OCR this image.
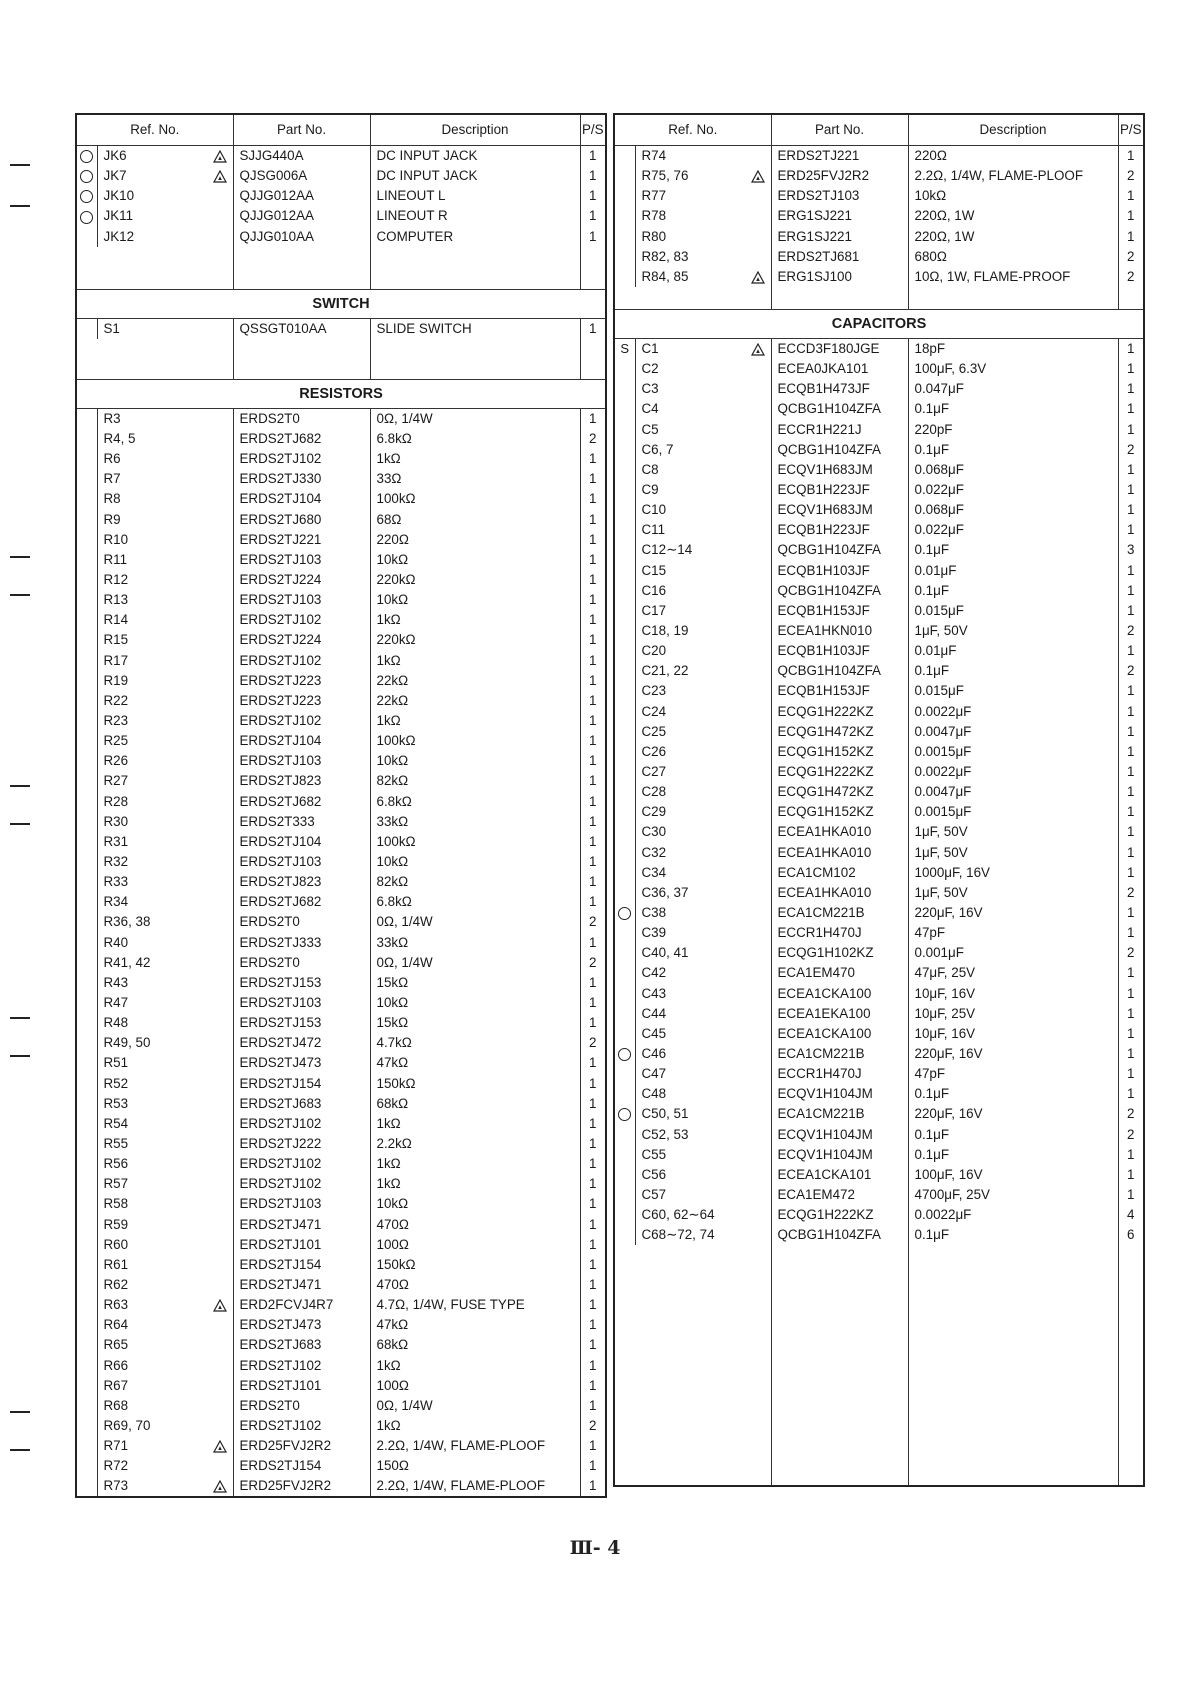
Ref. No.		Part No.	Description	P/S
	JK6	SJJG440A	DC INPUT JACK	1
	JK7	QJSG006A	DC INPUT JACK	1
	JK10	QJJG012AA	LINEOUT L	1
	JK11	QJJG012AA	LINEOUT R	1
	JK12	QJJG010AA	COMPUTER	1

SWITCH				
	S1	QSSGT010AA	SLIDE SWITCH	1

RESISTORS				
	R3	ERDS2T0	0Ω, 1/4W	1
	R4, 5	ERDS2TJ682	6.8kΩ	2
	R6	ERDS2TJ102	1kΩ	1
	R7	ERDS2TJ330	33Ω	1
	R8	ERDS2TJ104	100kΩ	1
	R9	ERDS2TJ680	68Ω	1
	R10	ERDS2TJ221	220Ω	1
	R11	ERDS2TJ103	10kΩ	1
	R12	ERDS2TJ224	220kΩ	1
	R13	ERDS2TJ103	10kΩ	1
	R14	ERDS2TJ102	1kΩ	1
	R15	ERDS2TJ224	220kΩ	1
	R17	ERDS2TJ102	1kΩ	1
	R19	ERDS2TJ223	22kΩ	1
	R22	ERDS2TJ223	22kΩ	1
	R23	ERDS2TJ102	1kΩ	1
	R25	ERDS2TJ104	100kΩ	1
	R26	ERDS2TJ103	10kΩ	1
	R27	ERDS2TJ823	82kΩ	1
	R28	ERDS2TJ682	6.8kΩ	1
	R30	ERDS2T333	33kΩ	1
	R31	ERDS2TJ104	100kΩ	1
	R32	ERDS2TJ103	10kΩ	1
	R33	ERDS2TJ823	82kΩ	1
	R34	ERDS2TJ682	6.8kΩ	1
	R36, 38	ERDS2T0	0Ω, 1/4W	2
	R40	ERDS2TJ333	33kΩ	1
	R41, 42	ERDS2T0	0Ω, 1/4W	2
	R43	ERDS2TJ153	15kΩ	1
	R47	ERDS2TJ103	10kΩ	1
	R48	ERDS2TJ153	15kΩ	1
	R49, 50	ERDS2TJ472	4.7kΩ	2
	R51	ERDS2TJ473	47kΩ	1
	R52	ERDS2TJ154	150kΩ	1
	R53	ERDS2TJ683	68kΩ	1
	R54	ERDS2TJ102	1kΩ	1
	R55	ERDS2TJ222	2.2kΩ	1
	R56	ERDS2TJ102	1kΩ	1
	R57	ERDS2TJ102	1kΩ	1
	R58	ERDS2TJ103	10kΩ	1
	R59	ERDS2TJ471	470Ω	1
	R60	ERDS2TJ101	100Ω	1
	R61	ERDS2TJ154	150kΩ	1
	R62	ERDS2TJ471	470Ω	1
	R63	ERD2FCVJ4R7	4.7Ω, 1/4W, FUSE TYPE	1
	R64	ERDS2TJ473	47kΩ	1
	R65	ERDS2TJ683	68kΩ	1
	R66	ERDS2TJ102	1kΩ	1
	R67	ERDS2TJ101	100Ω	1
	R68	ERDS2T0	0Ω, 1/4W	1
	R69, 70	ERDS2TJ102	1kΩ	2
	R71	ERD25FVJ2R2	2.2Ω, 1/4W, FLAME-PLOOF	1
	R72	ERDS2TJ154	150Ω	1
	R73	ERD25FVJ2R2	2.2Ω, 1/4W, FLAME-PLOOF	1
Ref. No.		Part No.	Description	P/S
	R74	ERDS2TJ221	220Ω	1
	R75, 76	ERD25FVJ2R2	2.2Ω, 1/4W, FLAME-PLOOF	2
	R77	ERDS2TJ103	10kΩ	1
	R78	ERG1SJ221	220Ω, 1W	1
	R80	ERG1SJ221	220Ω, 1W	1
	R82, 83	ERDS2TJ681	680Ω	2
	R84, 85	ERG1SJ100	10Ω, 1W, FLAME-PROOF	2

CAPACITORS				
S	C1	ECCD3F180JGE	18pF	1
	C2	ECEA0JKA101	100μF, 6.3V	1
	C3	ECQB1H473JF	0.047μF	1
	C4	QCBG1H104ZFA	0.1μF	1
	C5	ECCR1H221J	220pF	1
	C6, 7	QCBG1H104ZFA	0.1μF	2
	C8	ECQV1H683JM	0.068μF	1
	C9	ECQB1H223JF	0.022μF	1
	C10	ECQV1H683JM	0.068μF	1
	C11	ECQB1H223JF	0.022μF	1
	C12∼14	QCBG1H104ZFA	0.1μF	3
	C15	ECQB1H103JF	0.01μF	1
	C16	QCBG1H104ZFA	0.1μF	1
	C17	ECQB1H153JF	0.015μF	1
	C18, 19	ECEA1HKN010	1μF, 50V	2
	C20	ECQB1H103JF	0.01μF	1
	C21, 22	QCBG1H104ZFA	0.1μF	2
	C23	ECQB1H153JF	0.015μF	1
	C24	ECQG1H222KZ	0.0022μF	1
	C25	ECQG1H472KZ	0.0047μF	1
	C26	ECQG1H152KZ	0.0015μF	1
	C27	ECQG1H222KZ	0.0022μF	1
	C28	ECQG1H472KZ	0.0047μF	1
	C29	ECQG1H152KZ	0.0015μF	1
	C30	ECEA1HKA010	1μF, 50V	1
	C32	ECEA1HKA010	1μF, 50V	1
	C34	ECA1CM102	1000μF, 16V	1
	C36, 37	ECEA1HKA010	1μF, 50V	2
	C38	ECA1CM221B	220μF, 16V	1
	C39	ECCR1H470J	47pF	1
	C40, 41	ECQG1H102KZ	0.001μF	2
	C42	ECA1EM470	47μF, 25V	1
	C43	ECEA1CKA100	10μF, 16V	1
	C44	ECEA1EKA100	10μF, 25V	1
	C45	ECEA1CKA100	10μF, 16V	1
	C46	ECA1CM221B	220μF, 16V	1
	C47	ECCR1H470J	47pF	1
	C48	ECQV1H104JM	0.1μF	1
	C50, 51	ECA1CM221B	220μF, 16V	2
	C52, 53	ECQV1H104JM	0.1μF	2
	C55	ECQV1H104JM	0.1μF	1
	C56	ECEA1CKA101	100μF, 16V	1
	C57	ECA1EM472	4700μF, 25V	1
	C60, 62∼64	ECQG1H222KZ	0.0022μF	4
	C68∼72, 74	QCBG1H104ZFA	0.1μF	6

Ⅲ- 4
